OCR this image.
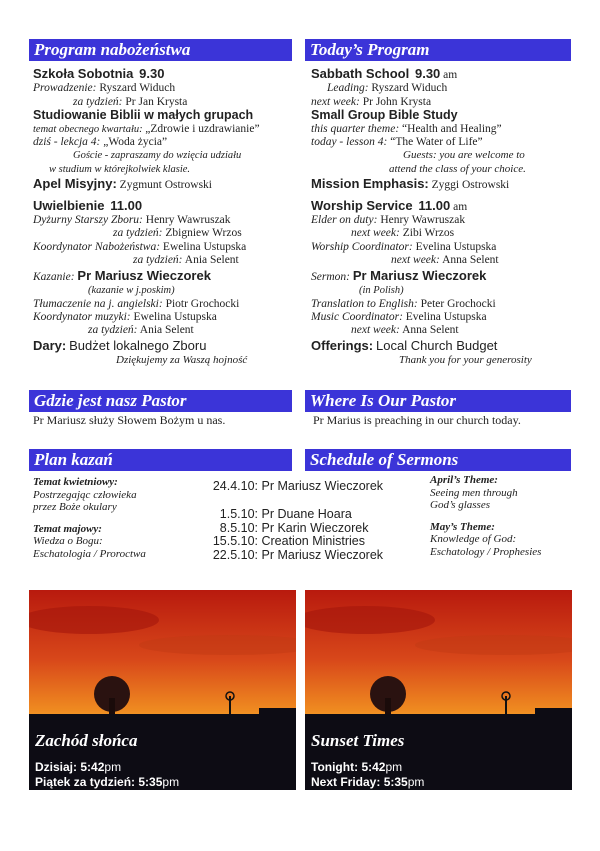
Program nabożeństwa	Today’s Program
Szkoła Sobotnia 9.30
Prowadzenie: Ryszard Widuch
za tydzień: Pr Jan Krysta
Studiowanie Biblii w małych grupach
temat obecnego kwartału: „Zdrowie i uzdrawianie”
dziś - lekcja 4: „Woda życia”
Goście - zapraszamy do wzięcia udziału
w studium w którejkolwiek klasie.
Apel Misyjny: Zygmunt Ostrowski
Uwielbienie 11.00
Dyżurny Starszy Zboru: Henry Wawruszak
za tydzień: Zbigniew Wrzos
Koordynator Nabożeństwa: Ewelina Ustupska
za tydzień: Ania Selent
Kazanie: Pr Mariusz Wieczorek
(kazanie w j.poskim)
Tłumaczenie na j. angielski: Piotr Grochocki
Koordynator muzyki: Ewelina Ustupska
za tydzień: Ania Selent
Dary: Budżet lokalnego Zboru
Dziękujemy za Waszą hojność
Sabbath School 9.30 am
Leading: Ryszard Widuch
next week: Pr John Krysta
Small Group Bible Study
this quarter theme: “Health and Healing”
today - lesson 4: “The Water of Life”
Guests: you are welcome to
attend the class of your choice.
Mission Emphasis: Zyggi Ostrowski
Worship Service 11.00 am
Elder on duty: Henry Wawruszak
next week: Zibi Wrzos
Worship Coordinator: Evelina Ustupska
next week: Anna Selent
Sermon: Pr Mariusz Wieczorek
(in Polish)
Translation to English: Peter Grochocki
Music Coordinator: Evelina Ustupska
next week: Anna Selent
Offerings: Local Church Budget
Thank you for your generosity
Gdzie jest nasz Pastor	Where Is Our Pastor
Pr Mariusz służy Słowem Bożym u nas.	Pr Marius is preaching in our church today.
Plan kazań	Schedule of Sermons
Temat kwietniowy:
Postrzegając człowieka
przez Boże okulary
Temat majowy:
Wiedza o Bogu:
Eschatologia / Proroctwa
24.4.10: Pr Mariusz Wieczorek
1.5.10: Pr Duane Hoara
8.5.10: Pr Karin Wieczorek
15.5.10: Creation Ministries
22.5.10: Pr Mariusz Wieczorek
April’s Theme:
Seeing men through
God’s glasses
May’s Theme:
Knowledge of God:
Eschatology / Prophesies
Zachód słońca
Dzisiaj: 5:42pm
Piątek za tydzień: 5:35pm
Sunset Times
Tonight: 5:42pm
Next Friday: 5:35pm
